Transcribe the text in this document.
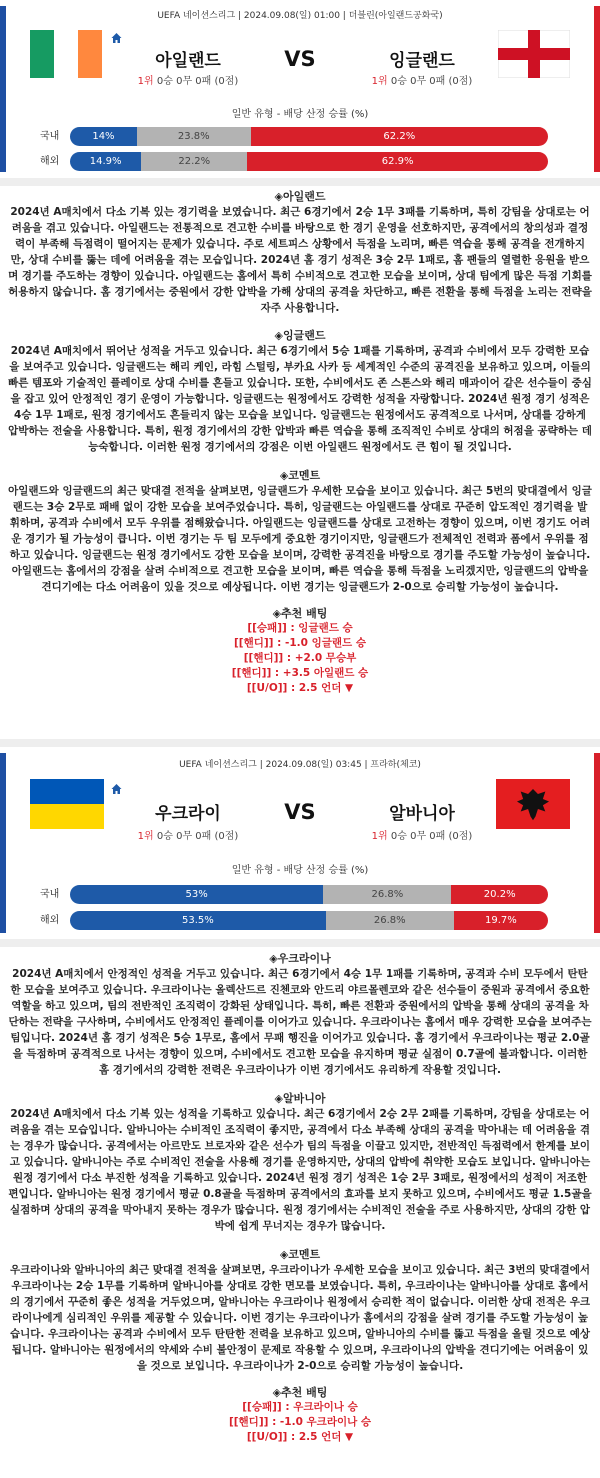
UEFA 네이션스리그 | 2024.09.08(일) 01:00 | 더블린(아일랜드공화국)
아일랜드	VS	잉글랜드
1위 0승 0무 0패 (0점)	1위 0승 0무 0패 (0점)
일반 유형 - 배당 산정 승률 (%)
국내	14%	23.8%	62.2%
해외	14.9%	22.2%	62.9%
◈아일랜드

2024년 A매치에서 다소 기복 있는 경기력을 보였습니다. 최근 6경기에서 2승 1무 3패를 기록하며, 특히 강팀을 상대로는 어려움을 겪고 있습니다. 아일랜드는 전통적으로 견고한 수비를 바탕으로 한 경기 운영을 선호하지만, 공격에서의 창의성과 결정력이 부족해 득점력이 떨어지는 문제가 있습니다. 주로 세트피스 상황에서 득점을 노리며, 빠른 역습을 통해 공격을 전개하지만, 상대 수비를 뚫는 데에 어려움을 겪는 모습입니다. 2024년 홈 경기 성적은 3승 2무 1패로, 홈 팬들의 열렬한 응원을 받으며 경기를 주도하는 경향이 있습니다. 아일랜드는 홈에서 특히 수비적으로 견고한 모습을 보이며, 상대 팀에게 많은 득점 기회를 허용하지 않습니다. 홈 경기에서는 중원에서 강한 압박을 가해 상대의 공격을 차단하고, 빠른 전환을 통해 득점을 노리는 전략을 자주 사용합니다.

◈잉글랜드

2024년 A매치에서 뛰어난 성적을 거두고 있습니다. 최근 6경기에서 5승 1패를 기록하며, 공격과 수비에서 모두 강력한 모습을 보여주고 있습니다. 잉글랜드는 해리 케인, 라힘 스털링, 부카요 사카 등 세계적인 수준의 공격진을 보유하고 있으며, 이들의 빠른 템포와 기술적인 플레이로 상대 수비를 흔들고 있습니다. 또한, 수비에서도 존 스톤스와 해리 매과이어 같은 선수들이 중심을 잡고 있어 안정적인 경기 운영이 가능합니다. 잉글랜드는 원정에서도 강력한 성적을 자랑합니다. 2024년 원정 경기 성적은 4승 1무 1패로, 원정 경기에서도 흔들리지 않는 모습을 보입니다. 잉글랜드는 원정에서도 공격적으로 나서며, 상대를 강하게 압박하는 전술을 사용합니다. 특히, 원정 경기에서의 강한 압박과 빠른 역습을 통해 조직적인 수비로 상대의 허점을 공략하는 데 능숙합니다. 이러한 원정 경기에서의 강점은 이번 아일랜드 원정에서도 큰 힘이 될 것입니다.

◈코멘트

아일랜드와 잉글랜드의 최근 맞대결 전적을 살펴보면, 잉글랜드가 우세한 모습을 보이고 있습니다. 최근 5번의 맞대결에서 잉글랜드는 3승 2무로 패배 없이 강한 모습을 보여주었습니다. 특히, 잉글랜드는 아일랜드를 상대로 꾸준히 압도적인 경기력을 발휘하며, 공격과 수비에서 모두 우위를 점해왔습니다. 아일랜드는 잉글랜드를 상대로 고전하는 경향이 있으며, 이번 경기도 어려운 경기가 될 가능성이 큽니다. 이번 경기는 두 팀 모두에게 중요한 경기이지만, 잉글랜드가 전체적인 전력과 폼에서 우위를 점하고 있습니다. 잉글랜드는 원정 경기에서도 강한 모습을 보이며, 강력한 공격진을 바탕으로 경기를 주도할 가능성이 높습니다. 아일랜드는 홈에서의 강점을 살려 수비적으로 견고한 모습을 보이며, 빠른 역습을 통해 득점을 노리겠지만, 잉글랜드의 압박을 견디기에는 다소 어려움이 있을 것으로 예상됩니다. 이번 경기는 잉글랜드가 2-0으로 승리할 가능성이 높습니다.

◈추천 배팅
[[승패]] : 잉글랜드 승
[[핸디]] : -1.0 잉글랜드 승
[[핸디]] : +2.0 무승부
[[핸디]] : +3.5 아일랜드 승
[[U/O]] : 2.5 언더 ▼
UEFA 네이션스리그 | 2024.09.08(일) 03:45 | 프라하(체코)
우크라이	VS	알바니아
1위 0승 0무 0패 (0점)	1위 0승 0무 0패 (0점)
일반 유형 - 배당 산정 승률 (%)
국내	53%	26.8%	20.2%
해외	53.5%	26.8%	19.7%
◈우크라이나

2024년 A매치에서 안정적인 성적을 거두고 있습니다. 최근 6경기에서 4승 1무 1패를 기록하며, 공격과 수비 모두에서 탄탄한 모습을 보여주고 있습니다. 우크라이나는 올렉산드르 진첸코와 안드리 야르몰렌코와 같은 선수들이 중원과 공격에서 중요한 역할을 하고 있으며, 팀의 전반적인 조직력이 강화된 상태입니다. 특히, 빠른 전환과 중원에서의 압박을 통해 상대의 공격을 차단하는 전략을 구사하며, 수비에서도 안정적인 플레이를 이어가고 있습니다. 우크라이나는 홈에서 매우 강력한 모습을 보여주는 팀입니다. 2024년 홈 경기 성적은 5승 1무로, 홈에서 무패 행진을 이어가고 있습니다. 홈 경기에서 우크라이나는 평균 2.0골을 득점하며 공격적으로 나서는 경향이 있으며, 수비에서도 견고한 모습을 유지하며 평균 실점이 0.7골에 불과합니다. 이러한 홈 경기에서의 강력한 전력은 우크라이나가 이번 경기에서도 유리하게 작용할 것입니다.

◈알바니아

2024년 A매치에서 다소 기복 있는 성적을 기록하고 있습니다. 최근 6경기에서 2승 2무 2패를 기록하며, 강팀을 상대로는 어려움을 겪는 모습입니다. 알바니아는 수비적인 조직력이 좋지만, 공격에서 다소 부족해 상대의 공격을 막아내는 데 어려움을 겪는 경우가 많습니다. 공격에서는 아르만도 브로자와 같은 선수가 팀의 득점을 이끌고 있지만, 전반적인 득점력에서 한계를 보이고 있습니다. 알바니아는 주로 수비적인 전술을 사용해 경기를 운영하지만, 상대의 압박에 취약한 모습도 보입니다. 알바니아는 원정 경기에서 다소 부진한 성적을 기록하고 있습니다. 2024년 원정 경기 성적은 1승 2무 3패로, 원정에서의 성적이 저조한 편입니다. 알바니아는 원정 경기에서 평균 0.8골을 득점하며 공격에서의 효과를 보지 못하고 있으며, 수비에서도 평균 1.5골을 실점하며 상대의 공격을 막아내지 못하는 경우가 많습니다. 원정 경기에서는 수비적인 전술을 주로 사용하지만, 상대의 강한 압박에 쉽게 무너지는 경우가 많습니다.

◈코멘트

우크라이나와 알바니아의 최근 맞대결 전적을 살펴보면, 우크라이나가 우세한 모습을 보이고 있습니다. 최근 3번의 맞대결에서 우크라이나는 2승 1무를 기록하며 알바니아를 상대로 강한 면모를 보였습니다. 특히, 우크라이나는 알바니아를 상대로 홈에서의 경기에서 꾸준히 좋은 성적을 거두었으며, 알바니아는 우크라이나 원정에서 승리한 적이 없습니다. 이러한 상대 전적은 우크라이나에게 심리적인 우위를 제공할 수 있습니다. 이번 경기는 우크라이나가 홈에서의 강점을 살려 경기를 주도할 가능성이 높습니다. 우크라이나는 공격과 수비에서 모두 탄탄한 전력을 보유하고 있으며, 알바니아의 수비를 뚫고 득점을 올릴 것으로 예상됩니다. 알바니아는 원정에서의 약세와 수비 불안정이 문제로 작용할 수 있으며, 우크라이나의 압박을 견디기에는 어려움이 있을 것으로 보입니다. 우크라이나가 2-0으로 승리할 가능성이 높습니다.

◈추천 배팅
[[승패]] : 우크라이나 승
[[핸디]] : -1.0 우크라이나 승
[[U/O]] : 2.5 언더 ▼
